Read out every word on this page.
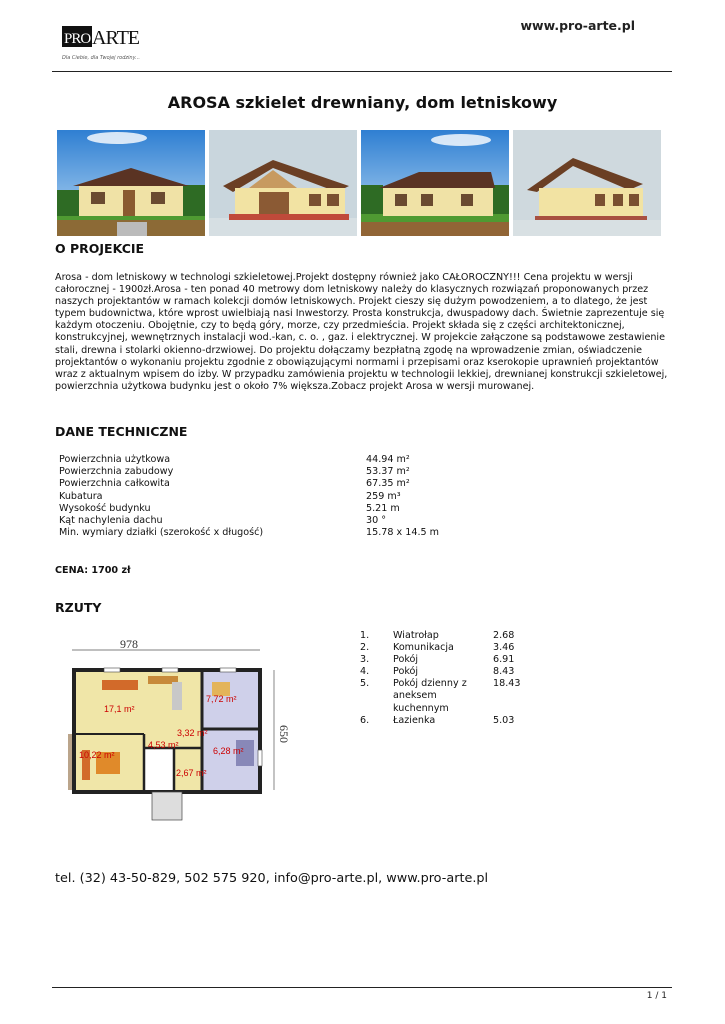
PRO ARTE
Dla Ciebie, dla Twojej rodziny...
www.pro-arte.pl
AROSA szkielet drewniany, dom letniskowy
O PROJEKCIE
Arosa - dom letniskowy w technologi szkieletowej.Projekt dostępny również jako CAŁOROCZNY!!! Cena projektu w wersji całorocznej - 1900zł.Arosa - ten ponad 40 metrowy dom letniskowy należy do klasycznych rozwiązań proponowanych przez naszych projektantów w ramach kolekcji domów letniskowych. Projekt cieszy się dużym powodzeniem, a to dlatego, że jest typem budownictwa, które wprost uwielbiają nasi Inwestorzy. Prosta konstrukcja, dwuspadowy dach. Świetnie zaprezentuje się każdym otoczeniu. Obojętnie, czy to będą góry, morze, czy przedmieścia. Projekt składa się z części architektonicznej, konstrukcyjnej, wewnętrznych instalacji wod.-kan, c. o. , gaz. i elektrycznej. W projekcie załączone są podstawowe zestawienie stali, drewna i stolarki okienno-drzwiowej. Do projektu dołączamy bezpłatną zgodę na wprowadzenie zmian, oświadczenie projektantów o wykonaniu projektu zgodnie z obowiązującymi normami i przepisami oraz kserokopie uprawnień projektantów wraz z aktualnym wpisem do izby. W przypadku zamówienia projektu w technologii lekkiej, drewnianej konstrukcji szkieletowej, powierzchnia użytkowa budynku jest o około 7% większa.Zobacz projekt Arosa w wersji murowanej.
DANE TECHNICZNE
Powierzchnia użytkowa	44.94 m²
Powierzchnia zabudowy	53.37 m²
Powierzchnia całkowita	67.35 m²
Kubatura	259 m³
Wysokość budynku	5.21 m
Kąt nachylenia dachu	30 °
Min. wymiary działki (szerokość x długość)	15.78 x 14.5 m
CENA: 1700 zł
RZUTY
978
650
17,1 m²
7,72 m²
3,32 m²
4,53 m²
6,28 m²
10,22 m²
2,67 m²
1.	Wiatrołap	2.68
2.	Komunikacja	3.46
3.	Pokój	6.91
4.	Pokój	8.43
5.	Pokój dzienny z aneksem kuchennym	18.43
6.	Łazienka	5.03
tel. (32) 43-50-829, 502 575 920, info@pro-arte.pl, www.pro-arte.pl
1 / 1
